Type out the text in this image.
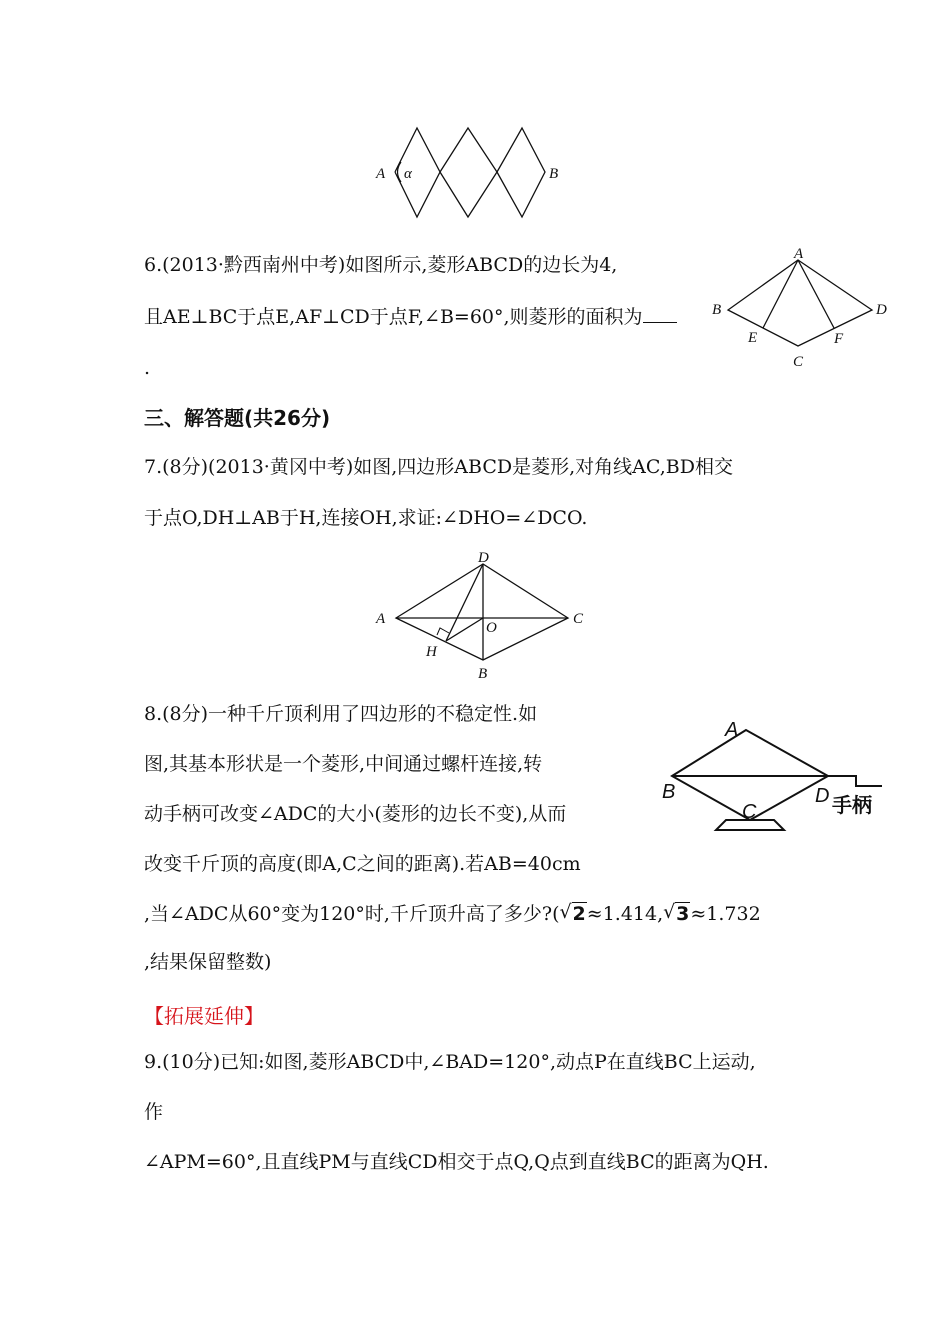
A α	B
6.(2013·黔西南州中考)如图所示,菱形ABCD的边长为4,
且AE⊥BC于点E,AF⊥CD于点F,∠B=60°,则菱形的面积为
.
A
B
C
D
E	F
三、解答题(共26分)
7.(8分)(2013·黄冈中考)如图,四边形ABCD是菱形,对角线AC,BD相交
于点O,DH⊥AB于H,连接OH,求证:∠DHO=∠DCO.
A
B
C
D
O
H
8.(8分)一种千斤顶利用了四边形的不稳定性.如
图,其基本形状是一个菱形,中间通过螺杆连接,转
动手柄可改变∠ADC的大小(菱形的边长不变),从而
改变千斤顶的高度(即A,C之间的距离).若AB=40cm
,当∠ADC从60°变为120°时,千斤顶升高了多少?( √ 2≈1.414, √ 3≈1.732
,结果保留整数)
A
B
C
D 手柄
【拓展延伸】
9.(10分)已知:如图,菱形ABCD中,∠BAD=120°,动点P在直线BC上运动,
作
∠APM=60°,且直线PM与直线CD相交于点Q,Q点到直线BC的距离为QH.
